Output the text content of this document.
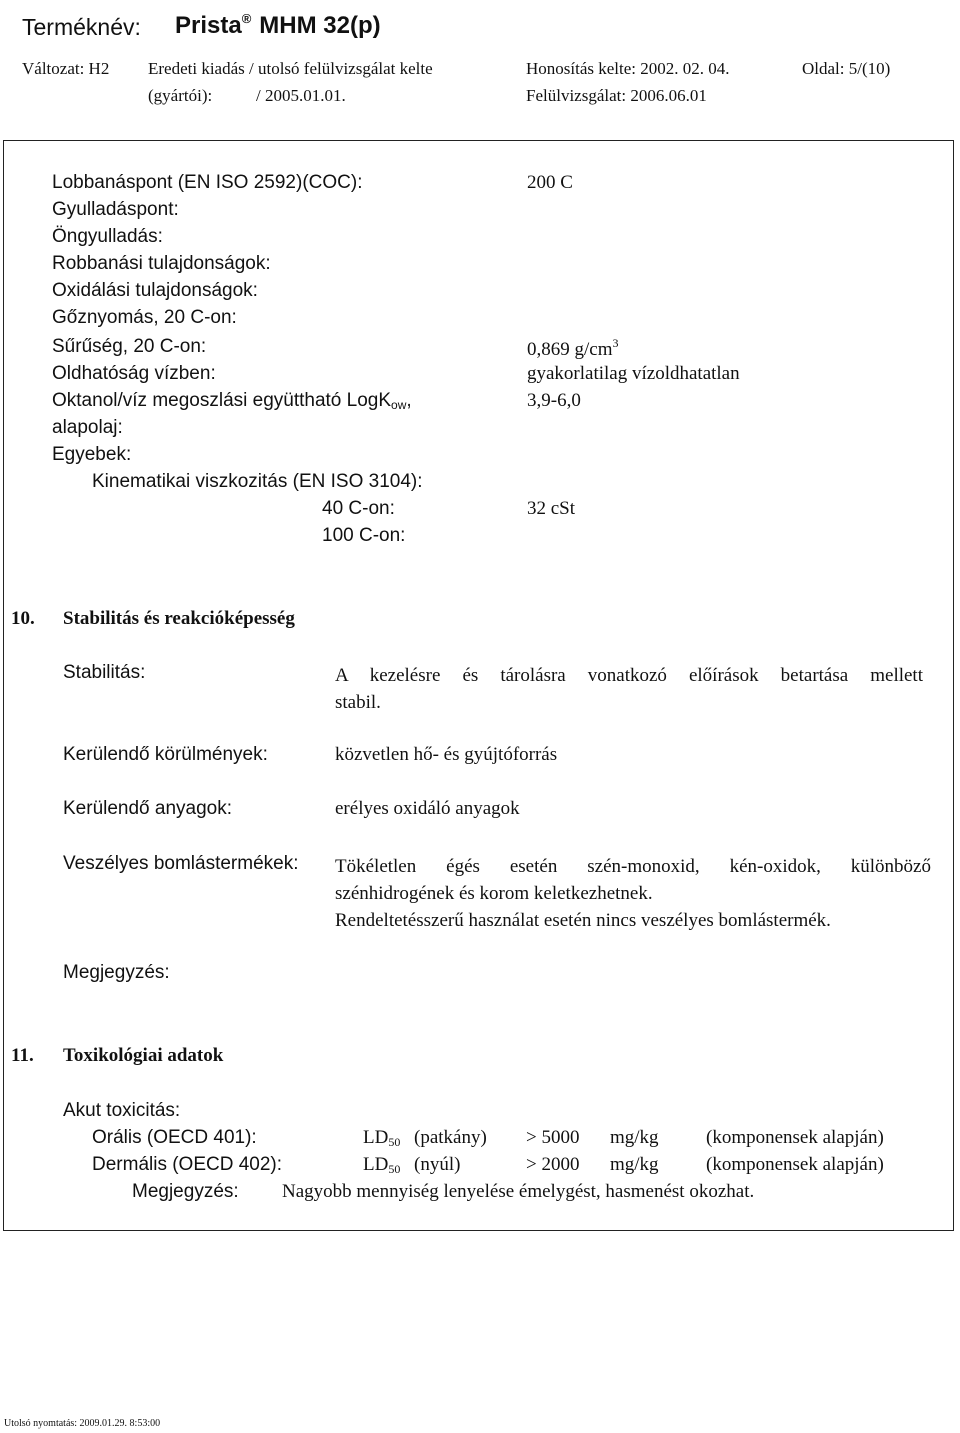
Terméknév: Prista® MHM 32(p)
Változat: H2 Eredeti kiadás / utolsó felülvizsgálat kelte
(gyártói):	/ 2005.01.01.
Honosítás kelte: 2002. 02. 04.
Felülvizsgálat: 2006.06.01
Oldal: 5/(10)
Lobbanáspont (EN ISO 2592)(COC):	200 C
Gyulladáspont:
Öngyulladás:
Robbanási tulajdonságok:
Oxidálási tulajdonságok:
Gőznyomás, 20 C-on:
Sűrűség, 20 C-on:	0,869 $g/cm^3$
Oldhatóság vízben:	gyakorlatilag vízoldhatatlan
Oktanol/víz megoszlási együttható LogK$_{ow}$,	3,9-6,0
alapolaj:
Egyebek:
Kinematikai viszkozitás (EN ISO 3104):
40 C-on:	32 cSt
100 C-on:
10. Stabilitás és reakcióképesség
Stabilitás:	A kezelésre és tárolásra vonatkozó előírások betartása mellett
stabil.
Kerülendő körülmények:	közvetlen hő- és gyújtóforrás
Kerülendő anyagok:	erélyes oxidáló anyagok
Veszélyes bomlástermékek: Tökéletlen égés esetén szén-monoxid, kén-oxidok, különböző
szénhidrogének és korom keletkezhetnek.
Rendeltetésszerű használat esetén nincs veszélyes bomlástermék.
Megjegyzés:
11. Toxikológiai adatok
Akut toxicitás:
Orális (OECD 401):	$LD_{50}$ (patkány) > 5000 mg/kg (komponensek alapján)
Dermális (OECD 402):	$LD_{50}$ (nyúl)	> 2000 mg/kg (komponensek alapján)
Megjegyzés: Nagyobb mennyiség lenyelése émelygést, hasmenést okozhat.
Utolsó nyomtatás: 2009.01.29. 8:53:00
